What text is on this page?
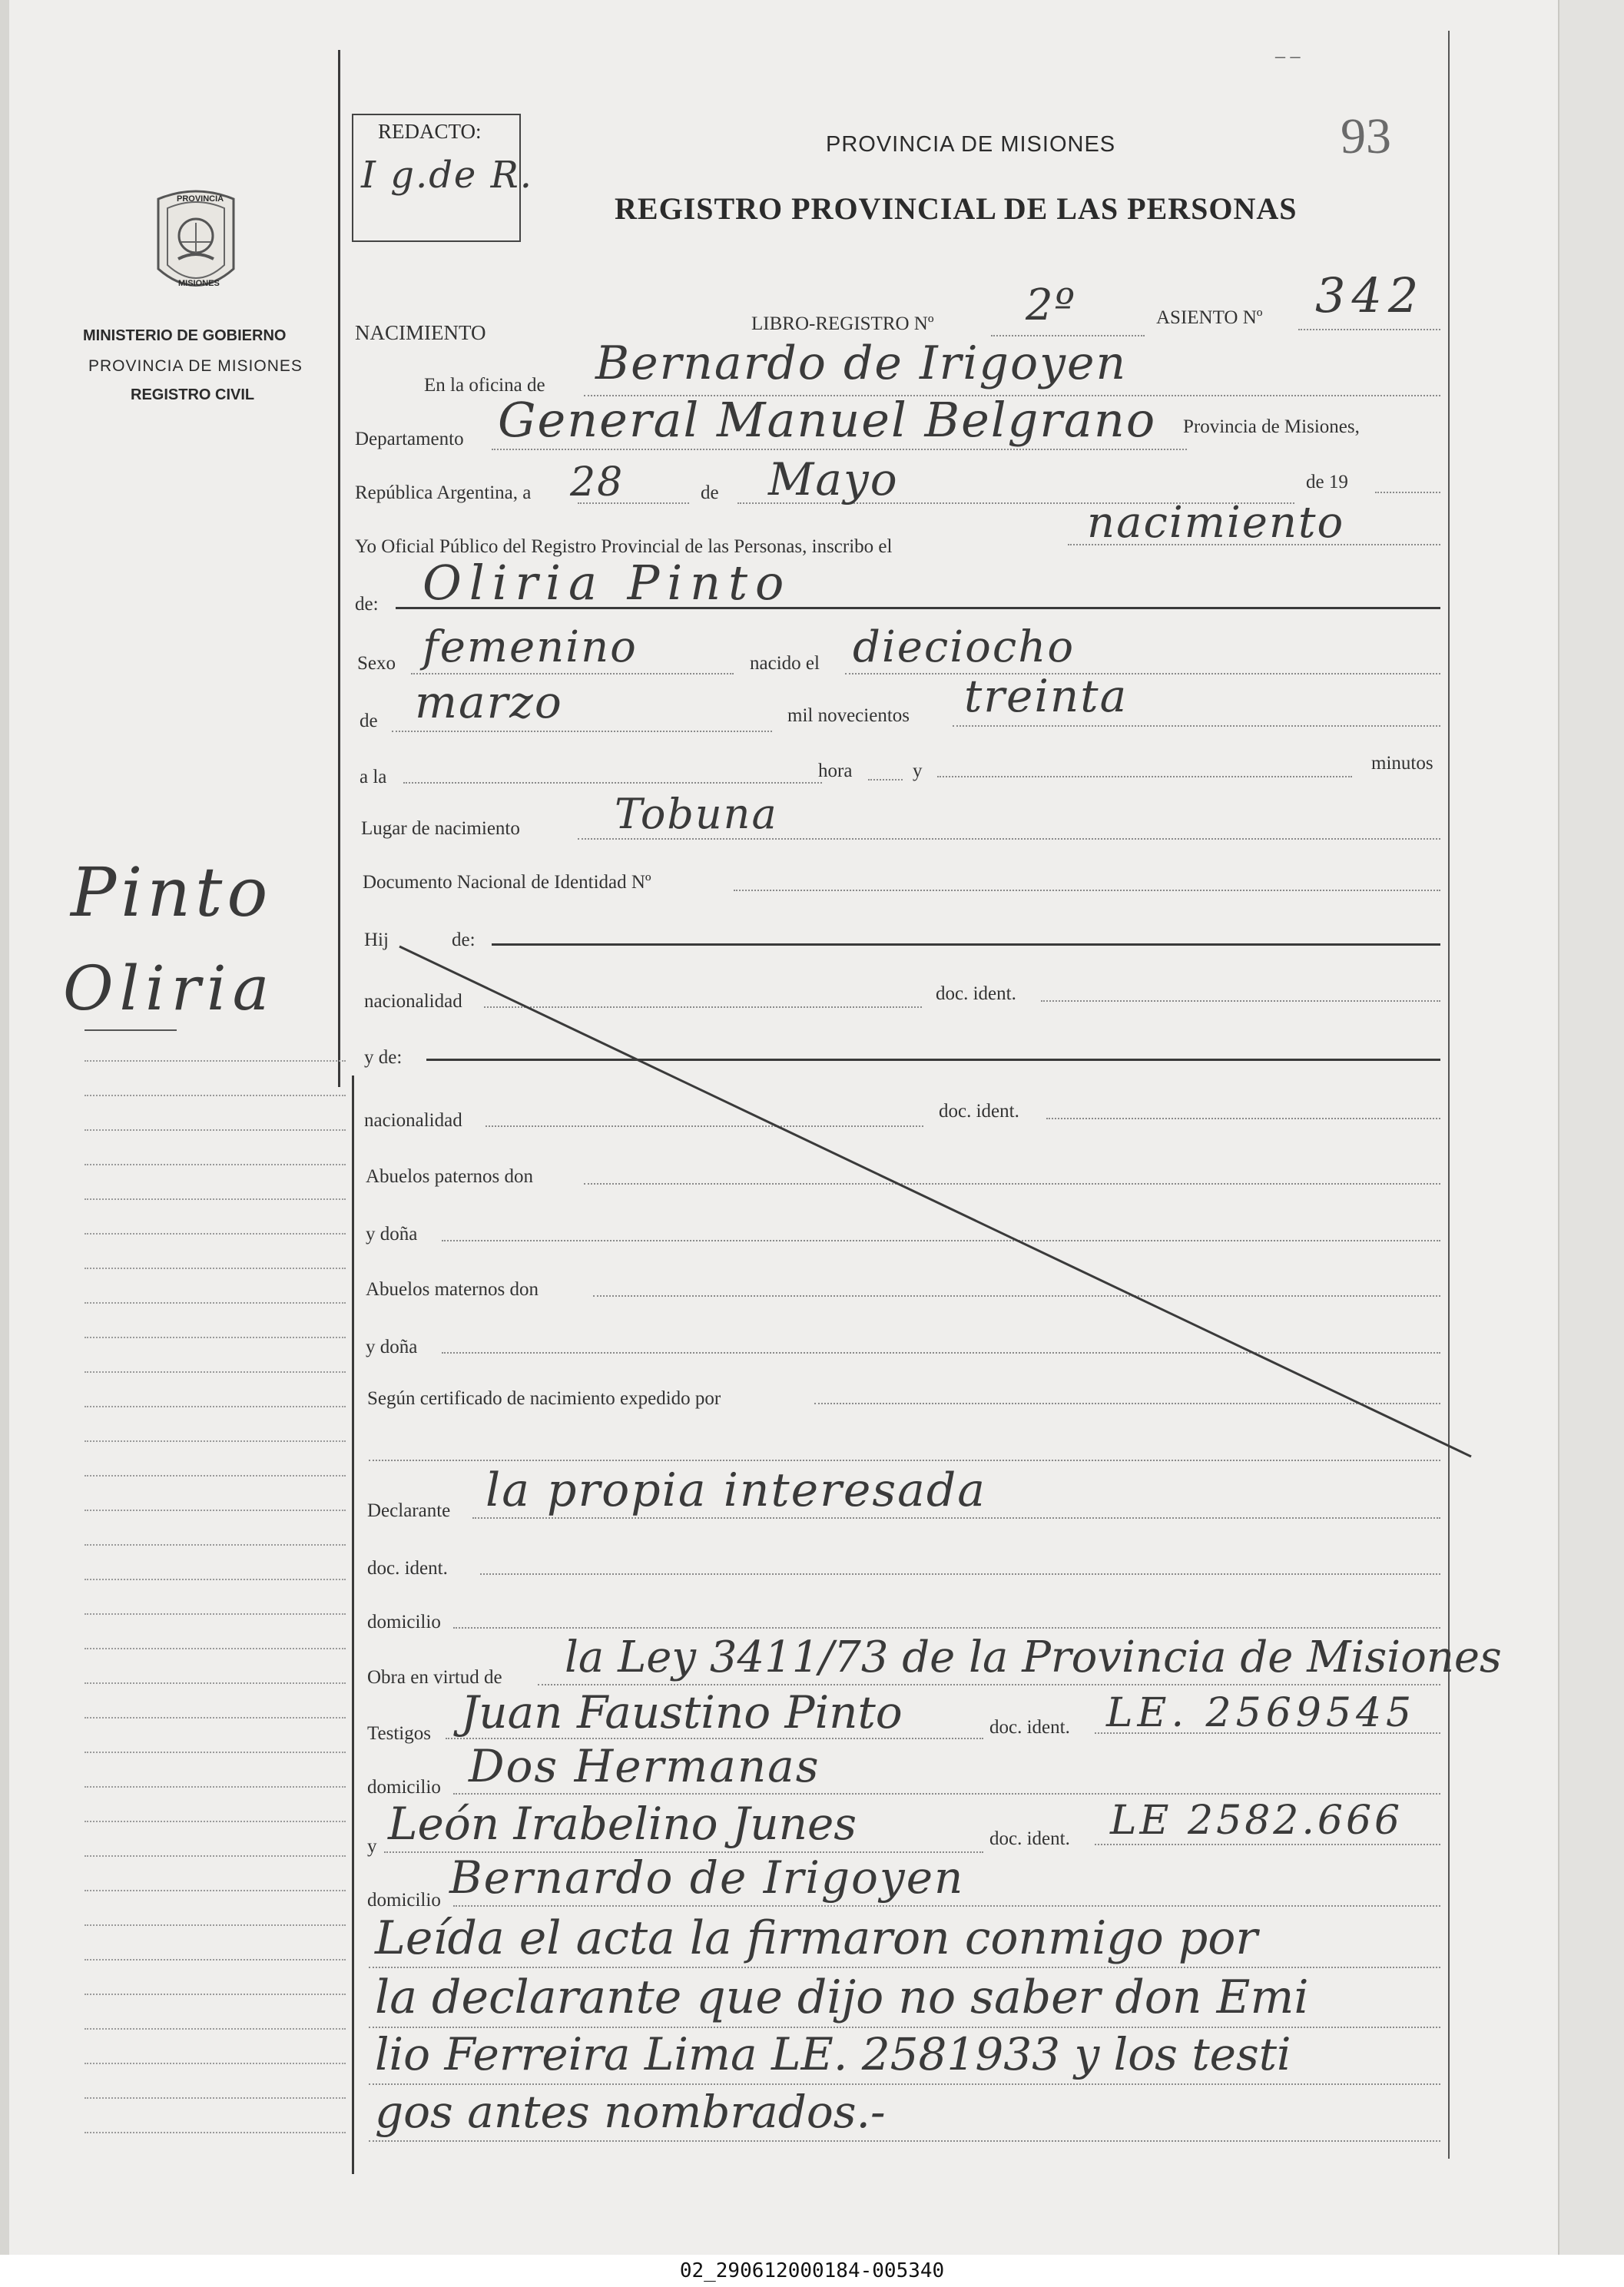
– –
93
REDACTO:
I g.de R.
PROVINCIA DE MISIONES
REGISTRO PROVINCIAL DE LAS PERSONAS
PROVINCIA
MISIONES
MINISTERIO DE GOBIERNO
PROVINCIA DE MISIONES
REGISTRO CIVIL
Pinto
Oliria
NACIMIENTO	LIBRO-REGISTRO Nº 2º	ASIENTO Nº 342
En la oficina de Bernardo de Irigoyen
Departamento General Manuel Belgrano Provincia de Misiones,
República Argentina, a 28	de Mayo	de 19
Yo Oficial Público del Registro Provincial de las Personas, inscribo el	nacimiento
de: Oliria Pinto
Sexo femenino	nacido el dieciocho
de marzo	mil novecientos treinta
a la	hora	y	minutos
Lugar de nacimiento Tobuna
Documento Nacional de Identidad Nº
Hij	de:
nacionalidad	doc. ident.
y de:
nacionalidad	doc. ident.
Abuelos paternos don
y doña
Abuelos maternos don
y doña
Según certificado de nacimiento expedido por
Declarante la propia interesada
doc. ident.
domicilio
Obra en virtud de la Ley 3411/73 de la Provincia de Misiones
Testigos Juan Faustino Pinto	doc. ident. LE. 2569545
domicilio Dos Hermanas
y León Irabelino Junes	doc. ident. LE 2582.666
domicilio Bernardo de Irigoyen
Leída el acta la firmaron conmigo por
la declarante que dijo no saber don Emi
lio Ferreira Lima LE. 2581933 y los testi
gos antes nombrados.-
02_290612000184-005340
